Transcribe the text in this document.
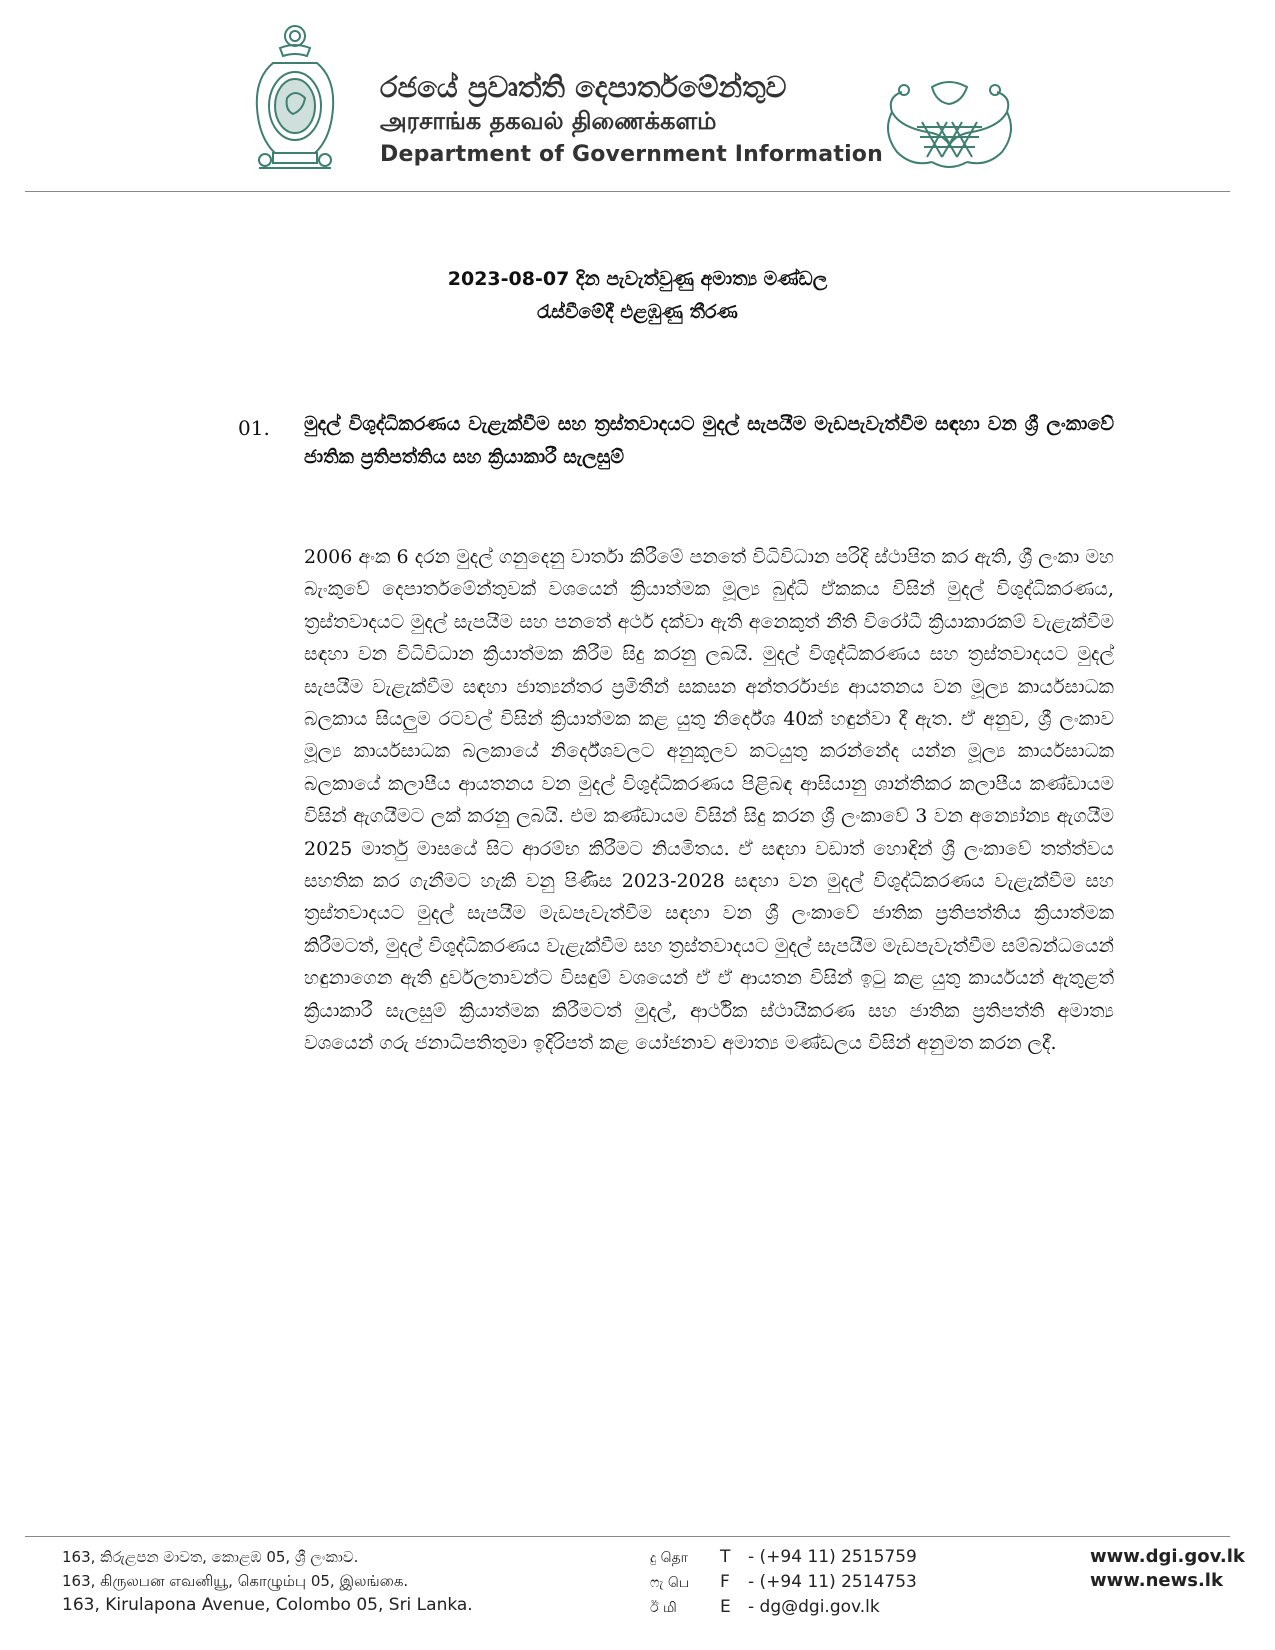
රජයේ ප්‍රවෘත්ති දෙපාර්තමේන්තුව
அரசாங்க தகவல் திணைக்களம்
Department of Government Information
2023-08-07 දින පැවැත්වුණු අමාත්‍ය මණ්ඩල
රැස්වීමේදී එළඹුණු තීරණ
01. මුදල් විශුද්ධිකරණය වැළැක්වීම සහ ත්‍රස්තවාදයට මුදල් සැපයීම මැඩපැවැත්වීම සඳහා වන ශ්‍රී ලංකාවේ ජාතික ප්‍රතිපත්තිය සහ ක්‍රියාකාරී සැලසුම්
2006 අංක 6 දරන මුදල් ගනුදෙනු වාර්තා කිරීමේ පනතේ විධිවිධාන පරිදි ස්ථාපිත කර ඇති, ශ්‍රී ලංකා මහ බැංකුවේ දෙපාර්තමේන්තුවක් වශයෙන් ක්‍රියාත්මක මූල්‍ය බුද්ධි ඒකකය විසින් මුදල් විශුද්ධිකරණය, ත්‍රස්තවාදයට මුදල් සැපයීම සහ පනතේ අර්ථ දක්වා ඇති අනෙකුත් නීති විරෝධී ක්‍රියාකාරකම් වැළැක්වීම සඳහා වන විධිවිධාන ක්‍රියාත්මක කිරීම සිදු කරනු ලබයි. මුදල් විශුද්ධිකරණය සහ ත්‍රස්තවාදයට මුදල් සැපයීම වැළැක්වීම සඳහා ජාත්‍යන්තර ප්‍රමිතීන් සකසන අන්තර්රාජ්‍ය ආයතනය වන මූල්‍ය කාර්යසාධක බලකාය සියලුම රටවල් විසින් ක්‍රියාත්මක කළ යුතු නිර්දේශ 40ක් හඳුන්වා දී ඇත. ඒ අනුව, ශ්‍රී ලංකාව මූල්‍ය කාර්යසාධක බලකායේ නිර්දේශවලට අනුකූලව කටයුතු කරන්නේද යන්න මූල්‍ය කාර්යසාධක බලකායේ කලාපීය ආයතනය වන මුදල් විශුද්ධිකරණය පිළිබඳ ආසියානු ශාන්තිකර කලාපීය කණ්ඩායම විසින් ඇගයීමට ලක් කරනු ලබයි. එම කණ්ඩායම විසින් සිදු කරන ශ්‍රී ලංකාවේ 3 වන අන්‍යෝන්‍ය ඇගයීම 2025 මාර්තු මාසයේ සිට ආරම්භ කිරීමට නියමිතය. ඒ සඳහා වඩාත් හොඳින් ශ්‍රී ලංකාවේ තත්ත්වය සහතික කර ගැනීමට හැකි වනු පිණිස 2023-2028 සඳහා වන මුදල් විශුද්ධිකරණය වැළැක්වීම සහ ත්‍රස්තවාදයට මුදල් සැපයීම මැඩපැවැත්වීම සඳහා වන ශ්‍රී ලංකාවේ ජාතික ප්‍රතිපත්තිය ක්‍රියාත්මක කිරීමටත්, මුදල් විශුද්ධිකරණය වැළැක්වීම සහ ත්‍රස්තවාදයට මුදල් සැපයීම මැඩපැවැත්වීම සම්බන්ධයෙන් හඳුනාගෙන ඇති දුර්වලතාවන්ට විසඳුම් වශයෙන් ඒ ඒ ආයතන විසින් ඉටු කළ යුතු කාර්යයන් ඇතුළත් ක්‍රියාකාරී සැලසුම් ක්‍රියාත්මක කිරීමටත් මුදල්, ආර්ථික ස්ථායීකරණ සහ ජාතික ප්‍රතිපත්ති අමාත්‍ය වශයෙන් ගරු ජනාධිපතිතුමා ඉදිරිපත් කළ යෝජනාව අමාත්‍ය මණ්ඩලය විසින් අනුමත කරන ලදී.
163, කිරුළපන මාවත, කොළඹ 05, ශ්‍රී ලංකාව.
163, கிருலபன எவனியூ, கொழும்பு 05, இலங்கை.
163, Kirulapona Avenue, Colombo 05, Sri Lanka.
දු தொ T - (+94 11) 2515759
ෆැ பெ F - (+94 11) 2514753
ඊ மி	E - dg@dgi.gov.lk
www.dgi.gov.lk
www.news.lk
